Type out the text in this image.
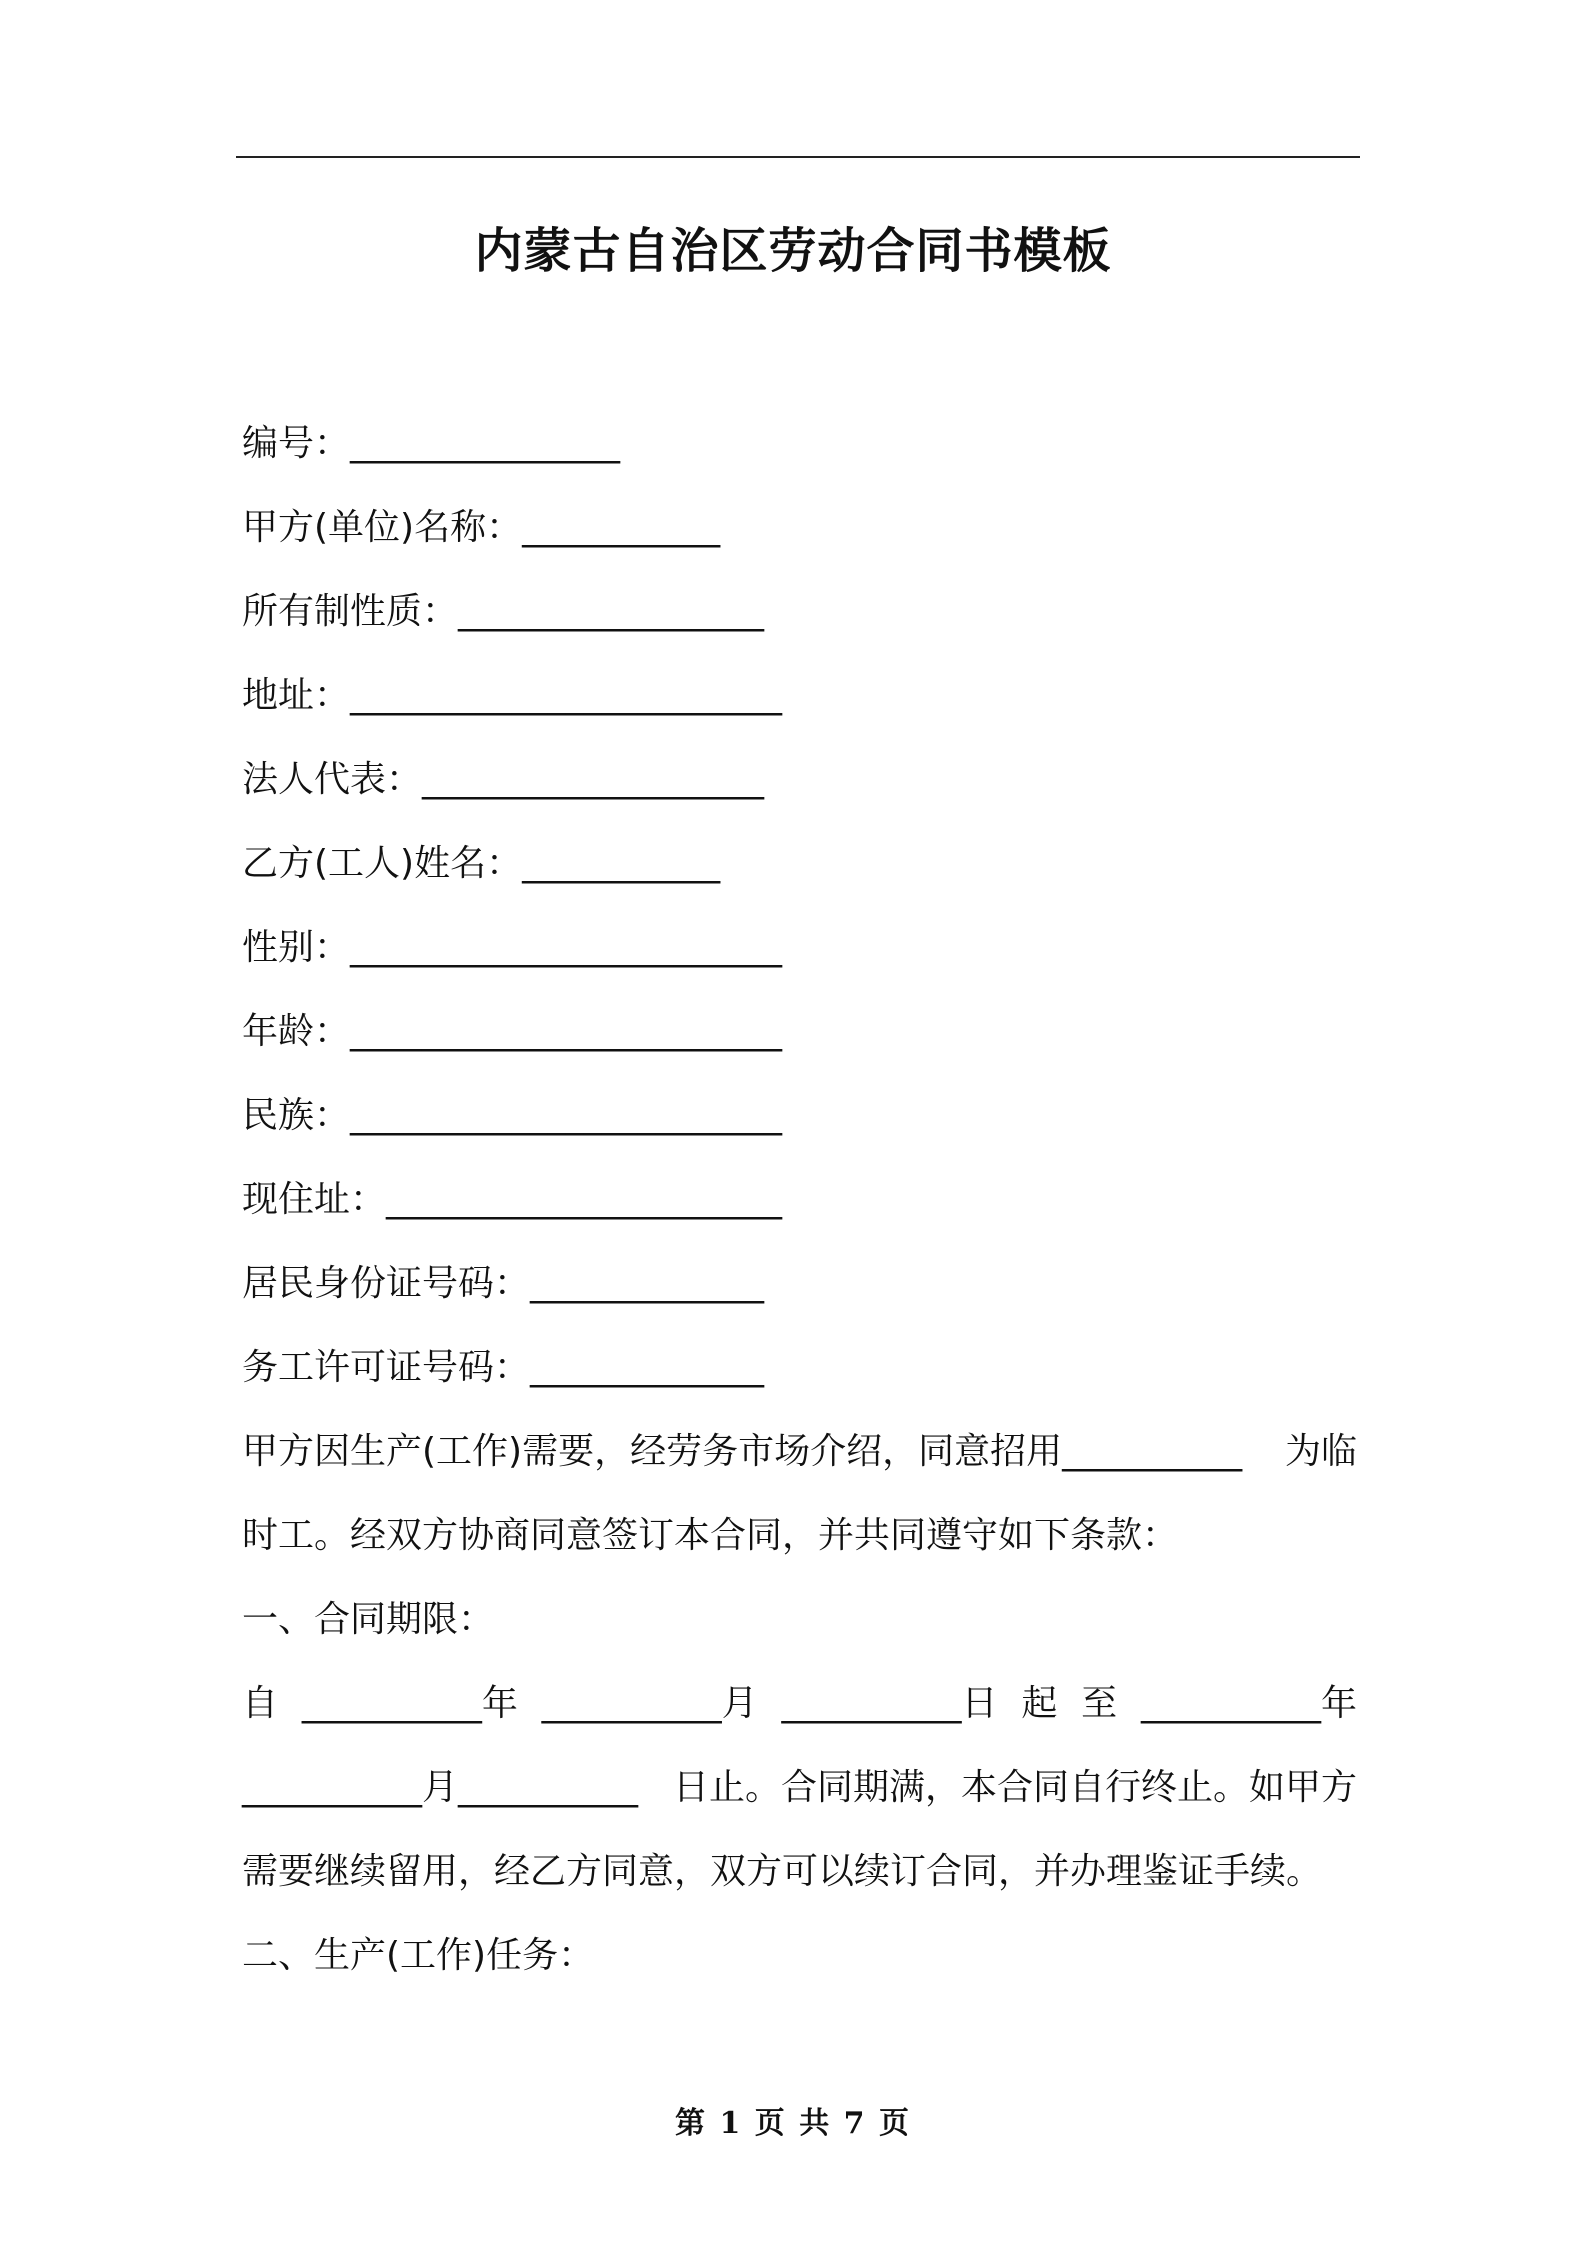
内蒙古自治区劳动合同书模板
编号：_______________
甲方(单位)名称：___________
所有制性质：_________________
地址：________________________
法人代表：___________________
乙方(工人)姓名：___________
性别：________________________
年龄：________________________
民族：________________________
现住址：______________________
居民身份证号码：_____________
务工许可证号码：_____________
甲方因生产(工作)需要，经劳务市场介绍，同意招用__________ 为临
时工。经双方协商同意签订本合同，并共同遵守如下条款：
一、合同期限：
自 __________年 __________月 __________日 起 至 __________年
__________月__________ 日止。合同期满，本合同自行终止。如甲方
需要继续留用，经乙方同意，双方可以续订合同，并办理鉴证手续。
二、生产(工作)任务：
第 1 页 共 7 页
